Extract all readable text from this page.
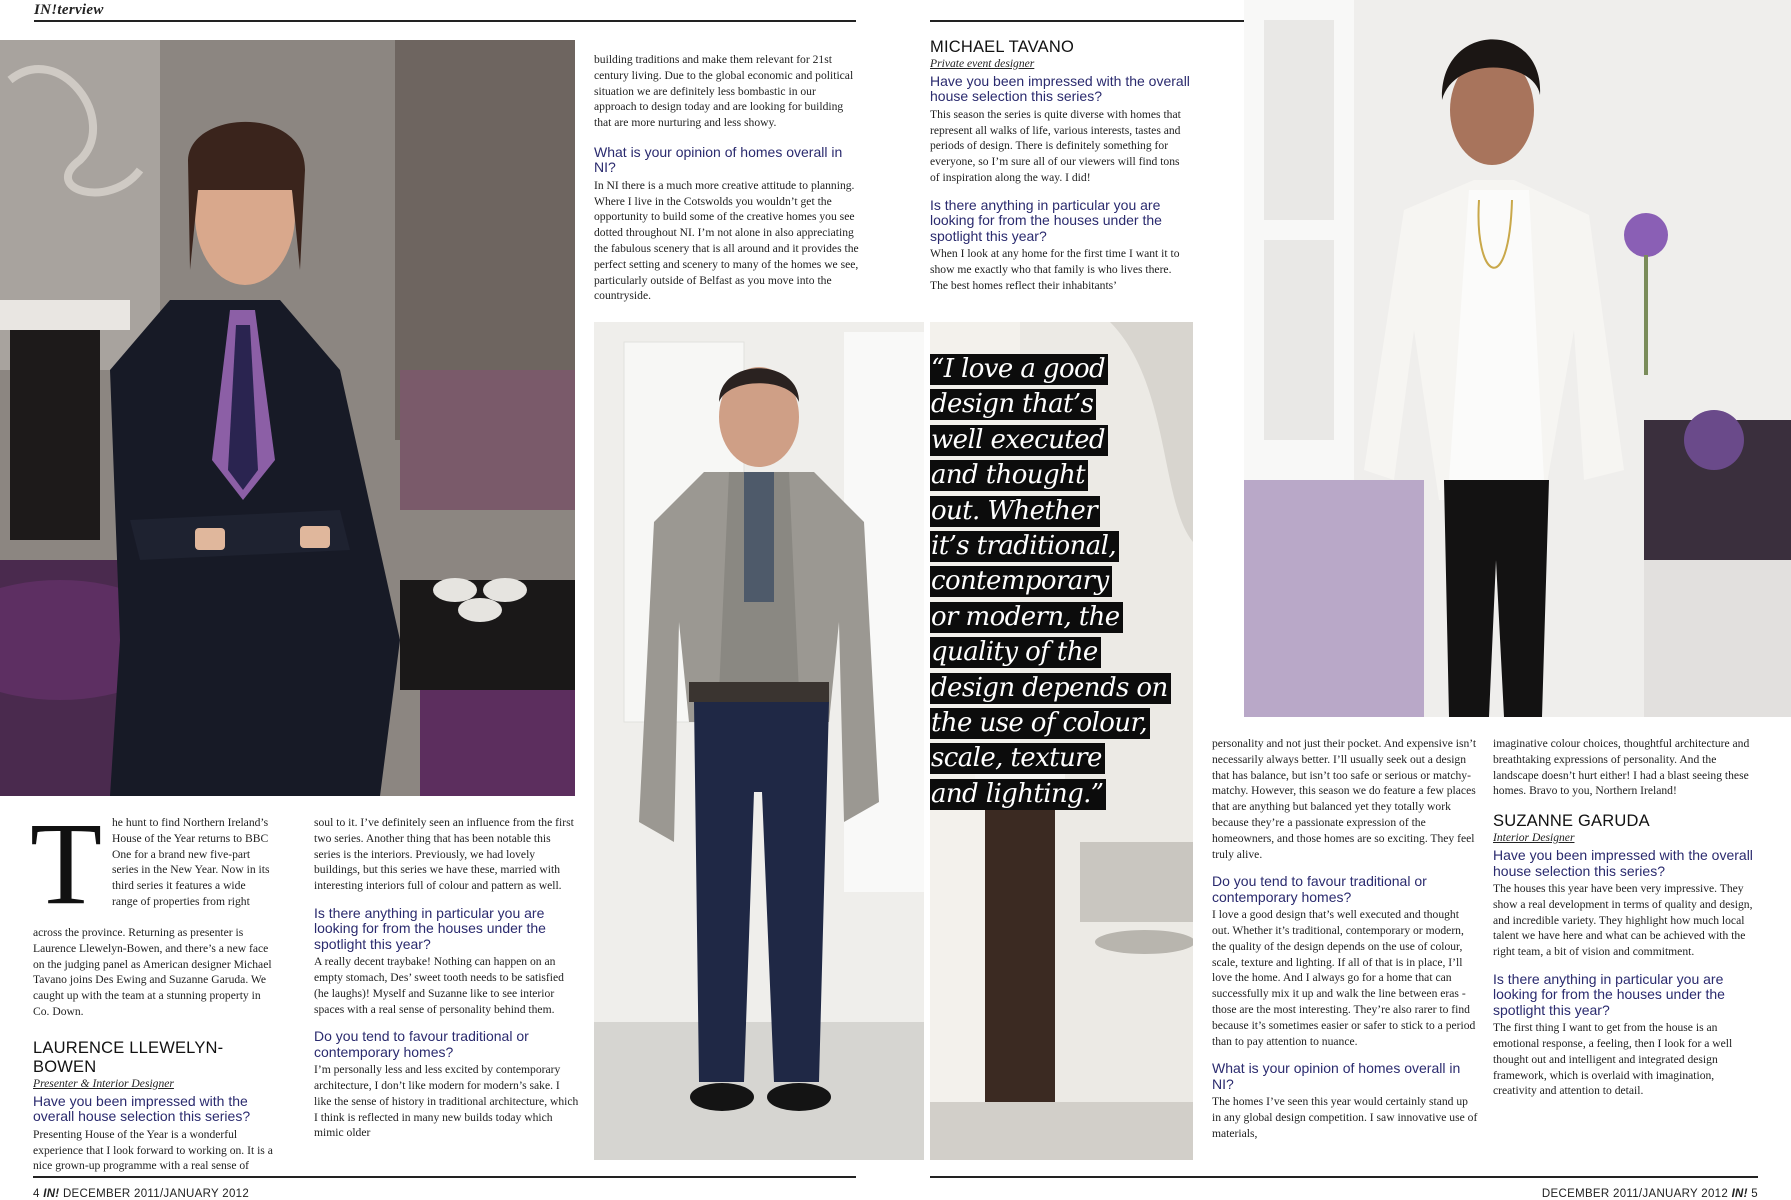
IN!terview
T he hunt to find Northern Ireland’s House of the Year returns to BBC One for a brand new five-part series in the New Year. Now in its third series it features a wide range of properties from right
across the province. Returning as presenter is Laurence Llewelyn-Bowen, and there’s a new face on the judging panel as American designer Michael Tavano joins Des Ewing and Suzanne Garuda. We caught up with the team at a stunning property in Co. Down.
LAURENCE LLEWELYN-BOWEN
Presenter & Interior Designer
Have you been impressed with the overall house selection this series?
Presenting House of the Year is a wonderful experience that I look forward to working on. It is a nice grown-up programme with a real sense of
soul to it. I’ve definitely seen an influence from the first two series. Another thing that has been notable this series is the interiors. Previously, we had lovely buildings, but this series we have these, married with interesting interiors full of colour and pattern as well.
Is there anything in particular you are looking for from the houses under the spotlight this year?
A really decent traybake! Nothing can happen on an empty stomach, Des’ sweet tooth needs to be satisfied (he laughs)! Myself and Suzanne like to see interior spaces with a real sense of personality behind them.
Do you tend to favour traditional or contemporary homes?
I’m personally less and less excited by contemporary architecture, I don’t like modern for modern’s sake. I like the sense of history in traditional architecture, which I think is reflected in many new builds today which mimic older
building traditions and make them relevant for 21st century living. Due to the global economic and political situation we are definitely less bombastic in our approach to design today and are looking for building that are more nurturing and less showy.
What is your opinion of homes overall in NI?
In NI there is a much more creative attitude to planning. Where I live in the Cotswolds you wouldn’t get the opportunity to build some of the creative homes you see dotted throughout NI. I’m not alone in also appreciating the fabulous scenery that is all around and it provides the perfect setting and scenery to many of the homes we see, particularly outside of Belfast as you move into the countryside.
“I love a good
design that’s
well executed
and thought
out. Whether
it’s traditional,
contemporary
or modern, the
quality of the
design depends on
the use of colour,
scale, texture
and lighting.”
MICHAEL TAVANO
Private event designer
Have you been impressed with the overall house selection this series?
This season the series is quite diverse with homes that represent all walks of life, various interests, tastes and periods of design. There is definitely something for everyone, so I’m sure all of our viewers will find tons of inspiration along the way. I did!
Is there anything in particular you are looking for from the houses under the spotlight this year?
When I look at any home for the first time I want it to show me exactly who that family is who lives there. The best homes reflect their inhabitants’
personality and not just their pocket. And expensive isn’t necessarily always better. I’ll usually seek out a design that has balance, but isn’t too safe or serious or matchy-matchy. However, this season we do feature a few places that are anything but balanced yet they totally work because they’re a passionate expression of the homeowners, and those homes are so exciting. They feel truly alive.
Do you tend to favour traditional or contemporary homes?
I love a good design that’s well executed and thought out. Whether it’s traditional, contemporary or modern, the quality of the design depends on the use of colour, scale, texture and lighting. If all of that is in place, I’ll love the home. And I always go for a home that can successfully mix it up and walk the line between eras - those are the most interesting. They’re also rarer to find because it’s sometimes easier or safer to stick to a period than to pay attention to nuance.
What is your opinion of homes overall in NI?
The homes I’ve seen this year would certainly stand up in any global design competition. I saw innovative use of materials,
imaginative colour choices, thoughtful architecture and breathtaking expressions of personality. And the landscape doesn’t hurt either! I had a blast seeing these homes. Bravo to you, Northern Ireland!
SUZANNE GARUDA
Interior Designer
Have you been impressed with the overall house selection this series?
The houses this year have been very impressive. They show a real development in terms of quality and design, and incredible variety. They highlight how much local talent we have here and what can be achieved with the right team, a bit of vision and commitment.
Is there anything in particular you are looking for from the houses under the spotlight this year?
The first thing I want to get from the house is an emotional response, a feeling, then I look for a well thought out and intelligent and integrated design framework, which is overlaid with imagination, creativity and attention to detail.
4 IN! DECEMBER 2011/JANUARY 2012	DECEMBER 2011/JANUARY 2012 IN! 5
